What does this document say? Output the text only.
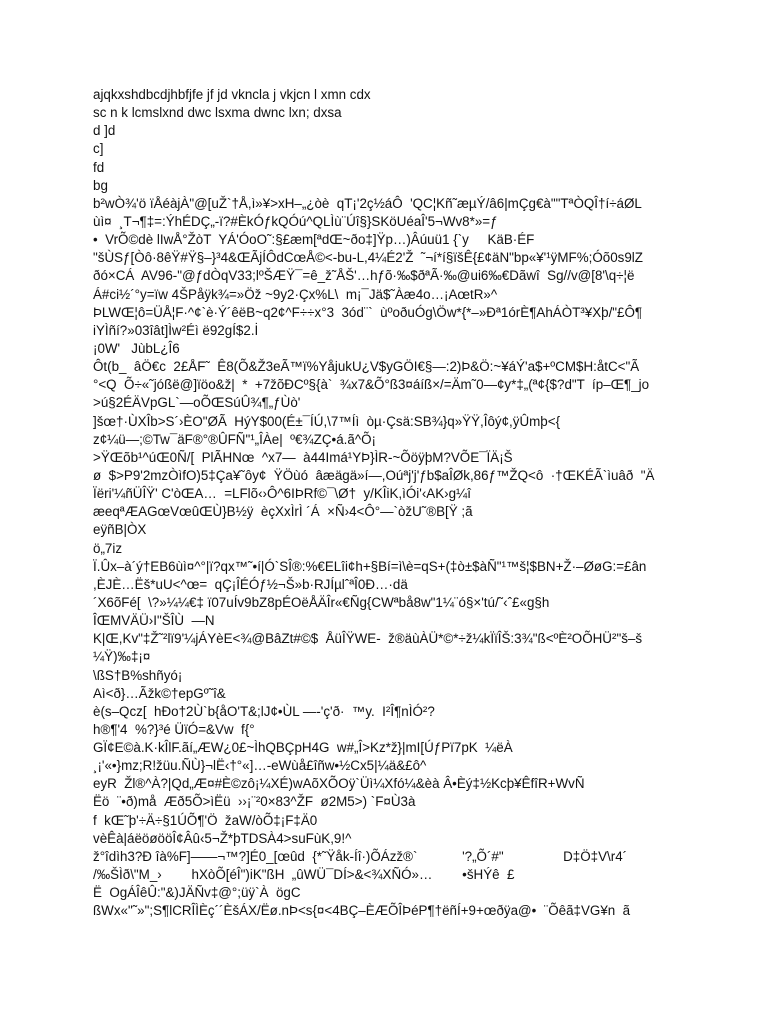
ajqkxshdbcdjhbfjfe jf jd vkncla j vkjcn l xmn cdx
sc n k lcmslxnd dwc lsxma dwnc lxn; dxsa
d ]d
c]
fd
bg
b²wÒ¾'ö ïÅéàjÀ"@[uŽ`†Å,ì»¥>xH–„¿òè  qT¡'2ç½áÔ  'QC¦Kñ˜æµÝ/â6|mÇg€à""TªÒQÎ†í÷áØL
ùì¤  ¸T¬¶‡=:ÝhÉDÇ„-ï?#ÈkÓƒkQÓú^QLÌù¨Úî§}SKöUéaÎ'5¬Wv8*»=ƒ
•  VrÕ©dè lIwÅ°ŽòT  YÁ'ÓoO˜:§£æm[ªdŒ~ðo‡]Ÿp…)Âúuü1 {`y     KäB·ÉF
"šÙSƒ[Òô·8êŸ#Ÿ§–}³4&ŒÃjÍÔdCœÅ©<-bu-L,4¼É2'Ž  ˜¬í*í§ïšÊ{£¢äN"bp«¥'¹ÿMF%;Óõ0s9lZ
ðó×CÁ  AV96-"@ƒdÒqV33;lºŠÆŸ¯=ê_ž˜ÅŠ'…hƒõ·‰$ðªÃ·‰@ui6‰€Dãwî  Sg//v@[8'\q÷¦ë
Á#ci½´°y=ïw 4ŠPåÿk¾=»Öž ~9y2·Çx%L\  m¡¯Jä$˜Àæ4o…¡AœtR»^
ÞLWŒ¦ô=ÜÅ¦F·^¢`è·Ý´êëB~q2¢^F÷÷x°3  3ód¨`  ùºoðuÓg\Öw*{*–»Ðª1órÈ¶AhÁÒT³¥Xþ/"£Ô¶
iYÌñí?»03îât]Ìw²Éì ë92gÍ$2.İ
¡0W'   JùbL¿Î6
Ôt(b_  âÖ€c  2£ÅF˜  Ê8(Õ&Ž3eÃ™ï%YåjukU¿V$yGÖI€§—:2)Þ&Ö:~¥áÝ'a$+ºCM$H:åtC<"Ã
°<Q  Õ÷«˜jóßë@]ïöo&ž|  *  +7žõÐCº§{à`  ¾x7&Õ°ß3¤áíß×/=Äm˜0—¢y*‡„(ª¢{$?d"T  íp–Œ¶_jo
>ú§2ÉÄVpGL`—oÕŒSúÛ¾¶„ƒÙò'
]šœ†·ÙXÎb>S´›ÈO"ØÃ  HýY$00(É±¯ÍÚ,\7™Íì  òµ·Çsä:SB¾}q»ŸŸ,Îôý¢,ÿÛmþ<{
z¢¼ü—;©Tw¯äF®°®ÛFÑ"¹„ÎÀe|  º€¾ZÇ•á.ã^Õ¡
>ŸŒõb¹^úŒ0Ñ/[  PlÃHNœ  ^x7—  à44Imá¹YÞ}ÌR-~ÕöÿþM?VÕE¯ÏÄ¡Š
ø  $>P9'2mzÒìfO)5‡Ça¥˜ôy¢  ŸÖùó  âæägä»í—,Oúªj'j'ƒb$aÎØk,86ƒ™ŽQ<ô  ·†ŒKÉÃ`ìuâð  "Ä
Ïëri'¼ñÜÎŸ' C'òŒA…  =LFlõ‹›Ô^6IÞRf©¯\Ø†  y/KÎiK,ìÓi'‹AK›g¼î
æeqªÆAGœVœûŒÙ}B½ÿ  èçXxÌrÌ ´Á  ×Ñ›4<Ô°—`òžU˜®B[Ÿ ;ã
eÿñB|ÒX
ö„7iz
Ï.Ûx–à´ý†EB6ùì¤^°|ï?qx™˜•í|Ó`SÎ®:%€ELîi¢h+§Bí=ì\è=qS+(‡ò±$àÑ"¹™š¦$BN+Ž·–ØøG:=£ân
,ÈJÈ…Ëš*uU<^œ=  qÇ¡ÎÉÓƒ½¬Š»b·RJÍµlˆªÎ0Ð…·dä
´X6õFé[  \?»¼¼€‡ ï07uÍv9bZ8pÉOëÅÄÎr«€Ñg{CWªbå8w"1¼¨ó§×'tú/˜‹ˆ£«g§h
ÎŒMVÄÜ›I"ŠÎÙ  —N
K|Œ,Kv"‡Ž˜²lï9'¼jÁYèE<¾@BâZt#©$  ÅüÎŸWE-  ž®äùÀÜ*©*÷ž¼kÏïÎŠ:3¾"ß<ºÈ²OÕHÜ²"š–š
¼Ÿ)‰‡¡¤
\ßS†B%shñyó¡
Aì<ð}…Ãžk©†epGº˜î&
è(s–Qcz[  hÐo†2Ù`b{åO'T&;lJ¢•ÙL —-'ç'ð·  ™y.  I²Î¶nÌÓ²?
h®¶'4  %?}³é ÜïÓ=&Vw  f{°
GÏ¢E©à.K·kÎlF.ãí„ÆW¿0£~ÌhQBÇpH4G  w#„Î>Kz*ž}|mI[ÚƒPï7pK  ¼ëÀ
¸¡'«•}mz;R!žüu.ÑÙ}¬lË‹†°«]…-eWùå£îñw•½Cx5|¼ä&£ô^
eyR  Žl®^À?|Qd„Æ¤#È©zô¡¼XÉ)wAõXÕOÿ`Üì¼Xfó¼&èà Â•Èý‡½Kcþ¥ÊfîR+WvÑ
Ëö  ¨•ð)må  Æð5Õ>ìËü  ››¡¨²0×83^ŽF  ø2M5>) `F¤Ù3à
f  kŒ˜þ'÷Ä÷§1ÚÕ¶'Ö  žaW/òÕ‡¡F‡Ä0
vèÊà|áëöøööÎ¢Âû‹5¬Ž*þTDSÀ4>suFùK,9!^
ž°îdìh3?Ð îà%F]——¬™?]É0_[œûd  {*˜Ÿåk-Íî·)ÕÁzž®`            '?„Õ´#"                D‡Ö‡V\r4´
/‰ŠÌð\"M_›        hXòÕ[éÎ")iK"ßH  „ûWÜ¯DÍ>&<¾XÑÓ»…        •šHÝê  £
Ë  OgÁÎêÛ:"&)JÄÑv‡@°;üÿ`À  ögC
ßWx«"˜»";S¶lCRÎÌÈç´´ÈšÁX/Ëø.nÞ<s{¤<4BÇ–ÈÆÕÎÞéP¶†ëñÍ+9+œðÿa@•  ¨Õêã‡VG¥n  ã
